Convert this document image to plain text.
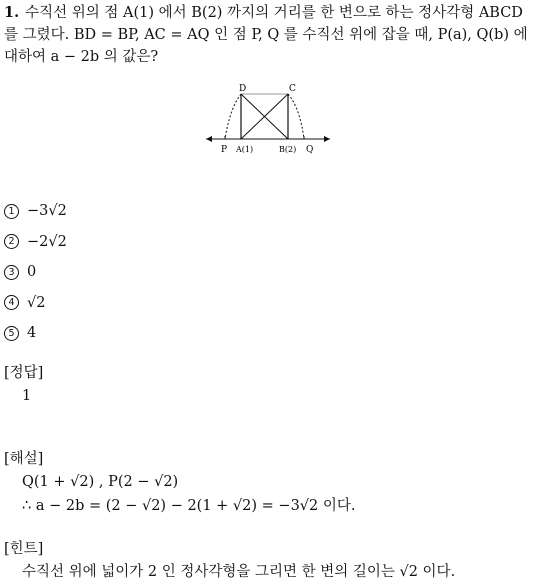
1. 수직선 위의 점 A(1) 에서 B(2) 까지의 거리를 한 변으로 하는 정사각형 ABCD 를 그렸다. BD = BP, AC = AQ 인 점 P, Q 를 수직선 위에 잡을 때, P(a), Q(b) 에 대하여 a − 2b 의 값은?
D	C
P A(1)	B(2) Q
1 −3√2
2 −2√2
3 0
4 √2
5 4
[정답]
1
[해설]
Q(1 + √2) , P(2 − √2)
∴ a − 2b = (2 − √2) − 2(1 + √2) = −3√2 이다.
[힌트]
수직선 위에 넓이가 2 인 정사각형을 그리면 한 변의 길이는 √2 이다.
